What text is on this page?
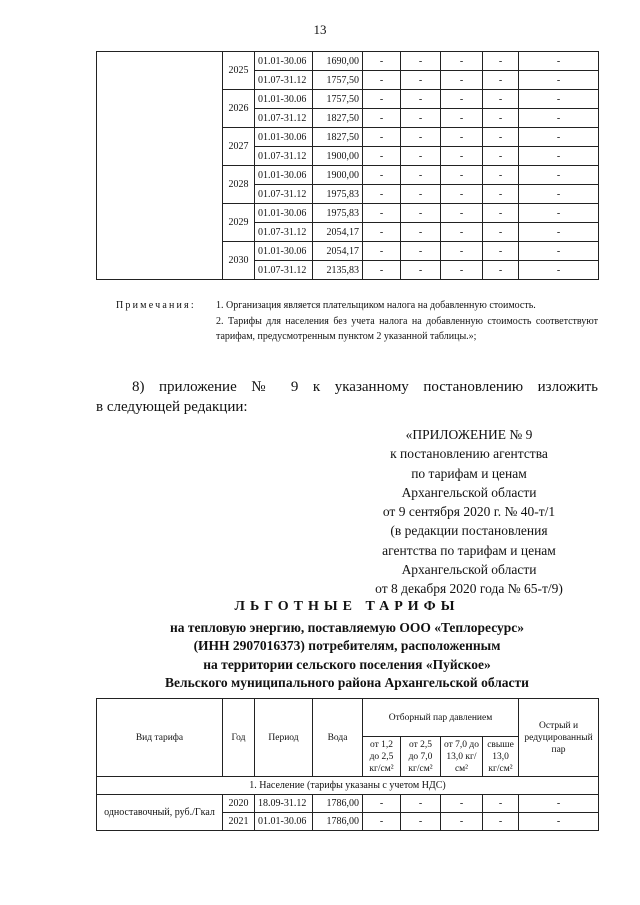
13
	2025	01.01-30.06	1690,00	-	-	-	-	-
		01.07-31.12	1757,50	-	-	-	-	-
	2026	01.01-30.06	1757,50	-	-	-	-	-
		01.07-31.12	1827,50	-	-	-	-	-
	2027	01.01-30.06	1827,50	-	-	-	-	-
		01.07-31.12	1900,00	-	-	-	-	-
	2028	01.01-30.06	1900,00	-	-	-	-	-
		01.07-31.12	1975,83	-	-	-	-	-
	2029	01.01-30.06	1975,83	-	-	-	-	-
		01.07-31.12	2054,17	-	-	-	-	-
	2030	01.01-30.06	2054,17	-	-	-	-	-
		01.07-31.12	2135,83	-	-	-	-	-
Примечания: 1. Организация является плательщиком налога на добавленную стоимость.
2. Тарифы для населения без учета налога на добавленную стоимость соответствуют тарифам, предусмотренным пунктом 2 указанной таблицы.»;
8) приложение № 9 к указанному постановлению изложить
в следующей редакции:
«ПРИЛОЖЕНИЕ № 9
к постановлению агентства
по тарифам и ценам
Архангельской области
от 9 сентября 2020 г. № 40-т/1
(в редакции постановления
агентства по тарифам и ценам
Архангельской области
от 8 декабря 2020 года № 65-т/9)
ЛЬГОТНЫЕ ТАРИФЫ
на тепловую энергию, поставляемую ООО «Теплоресурс»
(ИНН 2907016373) потребителям, расположенным
на территории сельского поселения «Пуйское»
Вельского муниципального района Архангельской области
Вид тарифа	Год	Период	Вода	Отборный пар давлением				Острый и редуцированный пар
				от 1,2 до 2,5 кг/см²	от 2,5 до 7,0 кг/см²	от 7,0 до 13,0 кг/см²	свыше 13,0 кг/см²	
1. Население (тарифы указаны с учетом НДС)								
одноставочный, руб./Гкал	2020	18.09-31.12	1786,00	-	-	-	-	-
	2021	01.01-30.06	1786,00	-	-	-	-	-
